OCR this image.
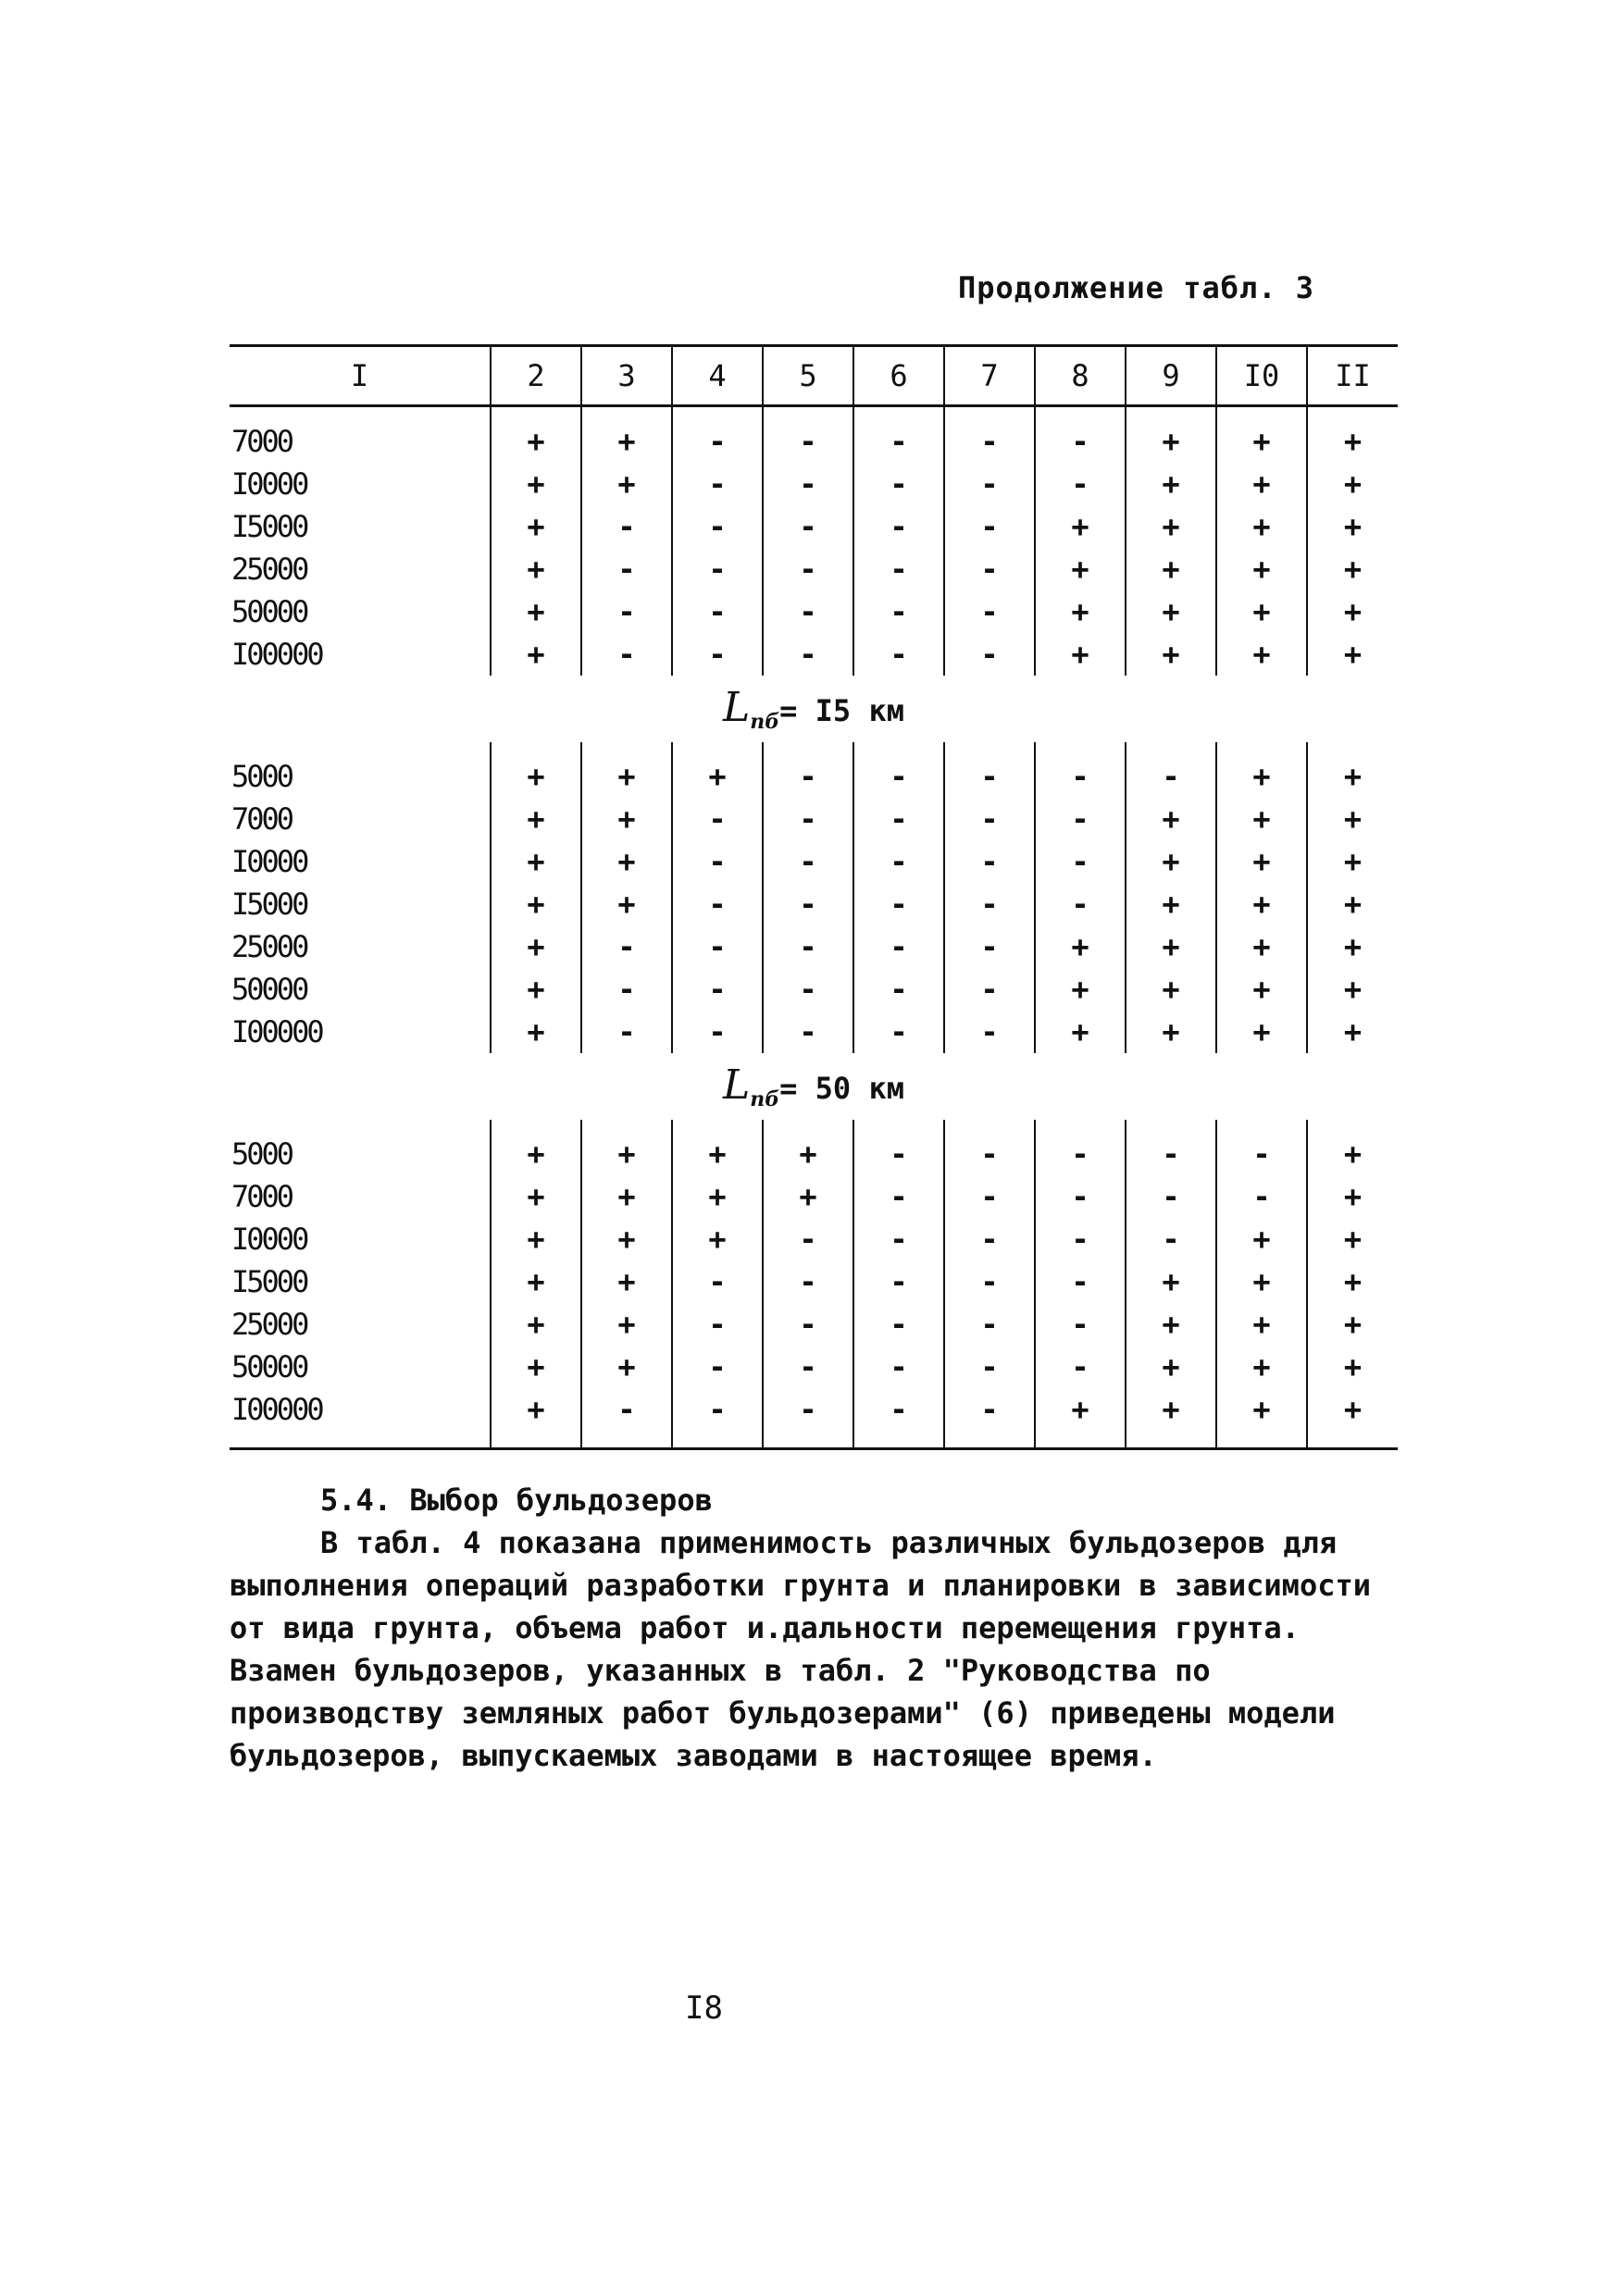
Продолжение табл. 3
I	2	3	4	5	6	7	8	9	I0	II
7000	+	+	-	-	-	-	-	+	+	+
I0000	+	+	-	-	-	-	-	+	+	+
I5000	+	-	-	-	-	-	+	+	+	+
25000	+	-	-	-	-	-	+	+	+	+
50000	+	-	-	-	-	-	+	+	+	+
I00000	+	-	-	-	-	-	+	+	+	+
$L_{пб}= I5$ км										
5000	+	+	+	-	-	-	-	-	+	+
7000	+	+	-	-	-	-	-	+	+	+
I0000	+	+	-	-	-	-	-	+	+	+
I5000	+	+	-	-	-	-	-	+	+	+
25000	+	-	-	-	-	-	+	+	+	+
50000	+	-	-	-	-	-	+	+	+	+
I00000	+	-	-	-	-	-	+	+	+	+
$L_{пб}= 50$ км										
5000	+	+	+	+	-	-	-	-	-	+
7000	+	+	+	+	-	-	-	-	-	+
I0000	+	+	+	-	-	-	-	-	+	+
I5000	+	+	-	-	-	-	-	+	+	+
25000	+	+	-	-	-	-	-	+	+	+
50000	+	+	-	-	-	-	-	+	+	+
I00000	+	-	-	-	-	-	+	+	+	+
5.4. Выбор бульдозеров

В табл. 4 показана применимость различных бульдозеров для выполнения операций разработки грунта и планировки в зависимости от вида грунта, объема работ и.дальности перемещения грунта. Взамен бульдозеров, указанных в табл. 2 "Руководства по производству земляных работ бульдозерами" (6) приведены модели бульдозеров, выпускаемых заводами в настоящее время.

I8
